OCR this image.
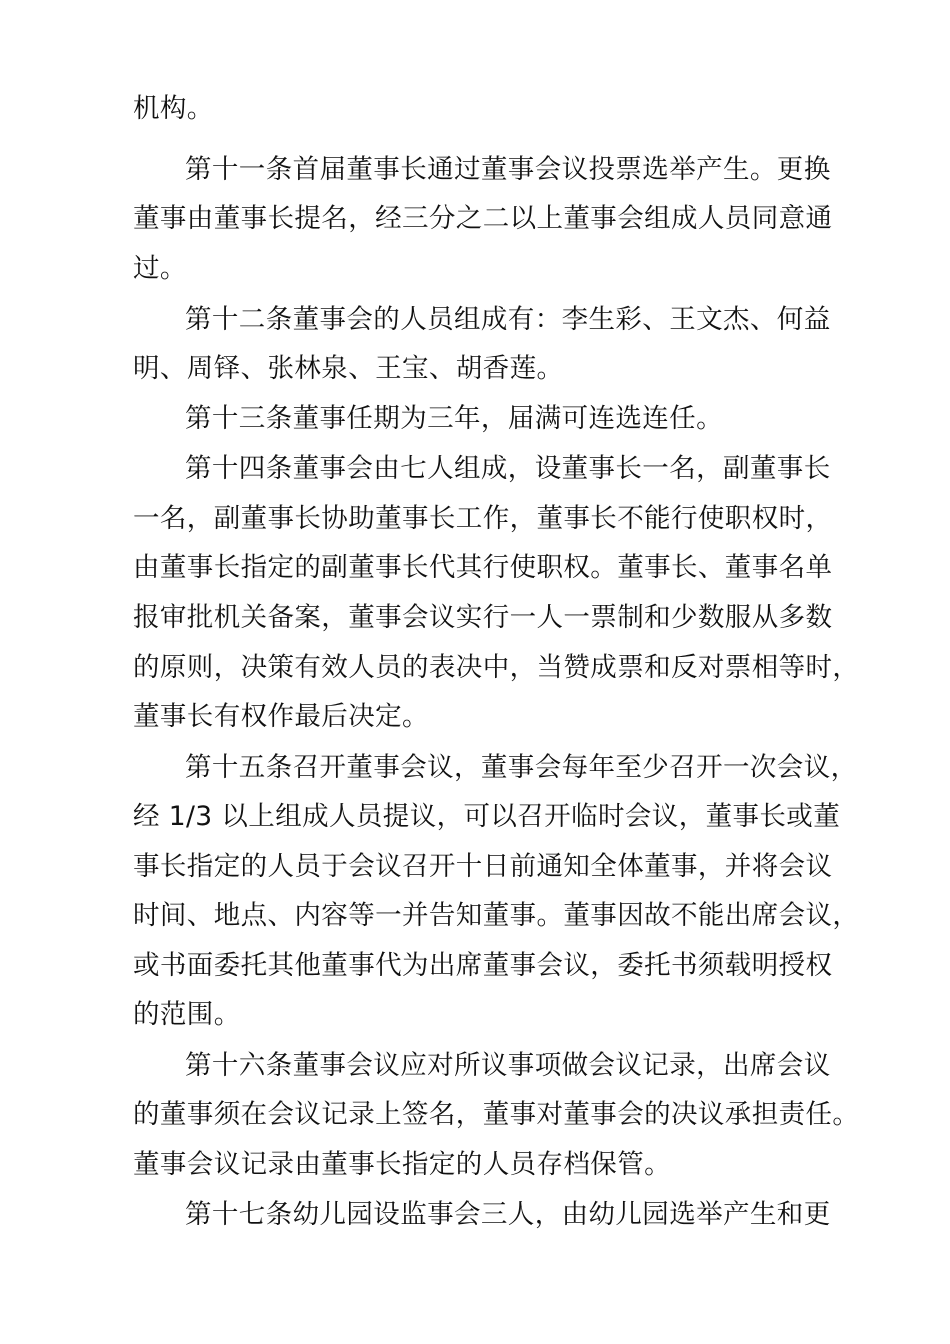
机构。
第十一条首届董事长通过董事会议投票选举产生。更换
董事由董事长提名，经三分之二以上董事会组成人员同意通
过。
第十二条董事会的人员组成有：李生彩、王文杰、何益
明、周铎、张林泉、王宝、胡香莲。
第十三条董事任期为三年，届满可连选连任。
第十四条董事会由七人组成，设董事长一名，副董事长
一名，副董事长协助董事长工作，董事长不能行使职权时，
由董事长指定的副董事长代其行使职权。董事长、董事名单
报审批机关备案，董事会议实行一人一票制和少数服从多数
的原则，决策有效人员的表决中，当赞成票和反对票相等时，
董事长有权作最后决定。
第十五条召开董事会议，董事会每年至少召开一次会议，
经 1/3 以上组成人员提议，可以召开临时会议，董事长或董
事长指定的人员于会议召开十日前通知全体董事，并将会议
时间、地点、内容等一并告知董事。董事因故不能出席会议，
或书面委托其他董事代为出席董事会议，委托书须载明授权
的范围。
第十六条董事会议应对所议事项做会议记录，出席会议
的董事须在会议记录上签名，董事对董事会的决议承担责任。
董事会议记录由董事长指定的人员存档保管。
第十七条幼儿园设监事会三人，由幼儿园选举产生和更
